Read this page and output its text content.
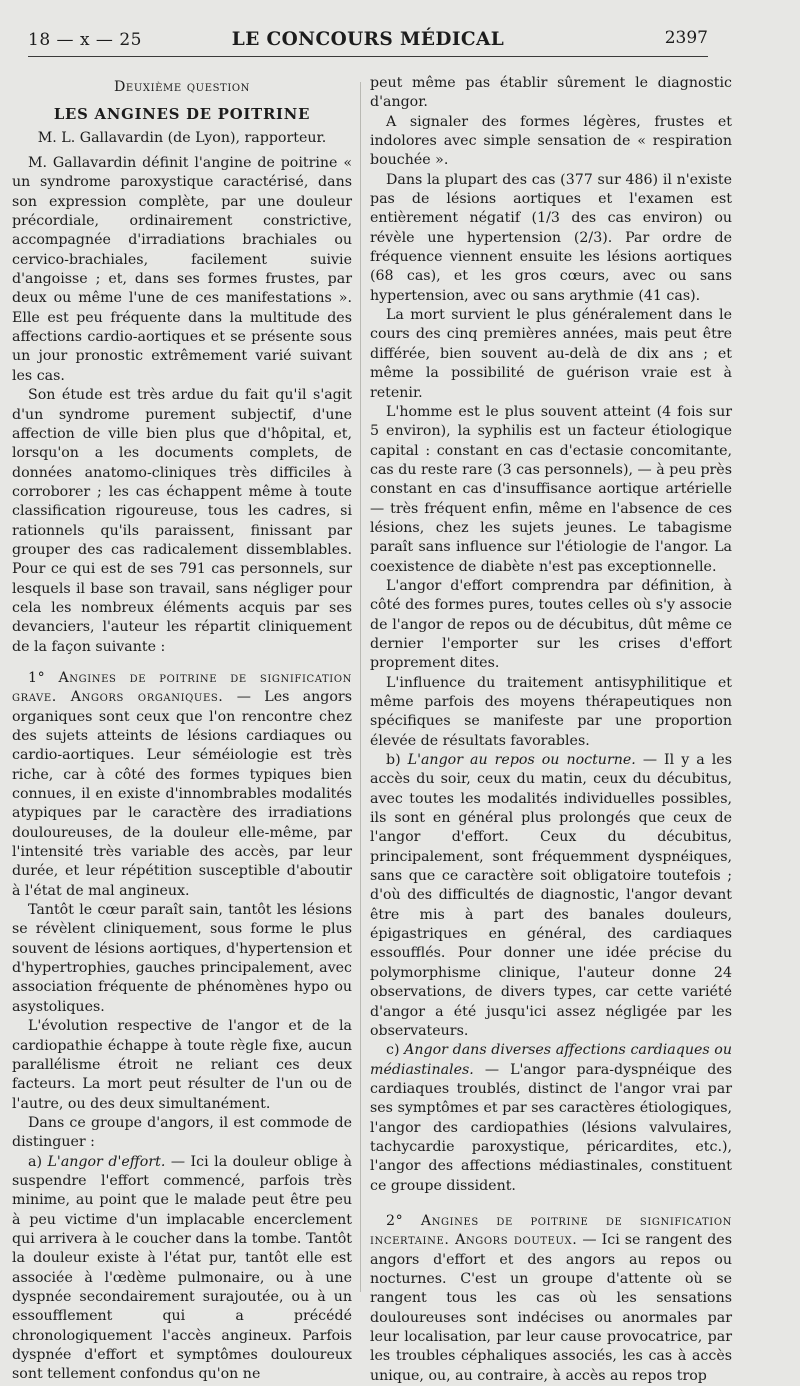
18 — x — 25	LE CONCOURS MÉDICAL	2397

Deuxième question

LES ANGINES DE POITRINE

M. L. Gallavardin (de Lyon), rapporteur.

M. Gallavardin définit l'angine de poitrine « un syndrome paroxystique caractérisé, dans son expression complète, par une douleur précordiale, ordinairement constrictive, accompagnée d'irradiations brachiales ou cervico-brachiales, facilement suivie d'angoisse ; et, dans ses formes frustes, par deux ou même l'une de ces manifestations ». Elle est peu fréquente dans la multitude des affections cardio-aortiques et se présente sous un jour pronostic extrêmement varié suivant les cas.

Son étude est très ardue du fait qu'il s'agit d'un syndrome purement subjectif, d'une affection de ville bien plus que d'hôpital, et, lorsqu'on a les documents complets, de données anatomo-cliniques très difficiles à corroborer ; les cas échappent même à toute classification rigoureuse, tous les cadres, si rationnels qu'ils paraissent, finissant par grouper des cas radicalement dissemblables. Pour ce qui est de ses 791 cas personnels, sur lesquels il base son travail, sans négliger pour cela les nombreux éléments acquis par ses devanciers, l'auteur les répartit cliniquement de la façon suivante :

1° Angines de poitrine de signification grave. Angors organiques. — Les angors organiques sont ceux que l'on rencontre chez des sujets atteints de lésions cardiaques ou cardio-aortiques. Leur séméiologie est très riche, car à côté des formes typiques bien connues, il en existe d'innombrables modalités atypiques par le caractère des irradiations douloureuses, de la douleur elle-même, par l'intensité très variable des accès, par leur durée, et leur répétition susceptible d'aboutir à l'état de mal angineux.

Tantôt le cœur paraît sain, tantôt les lésions se révèlent cliniquement, sous forme le plus souvent de lésions aortiques, d'hypertension et d'hypertrophies, gauches principalement, avec association fréquente de phénomènes hypo ou asystoliques.

L'évolution respective de l'angor et de la cardiopathie échappe à toute règle fixe, aucun parallélisme étroit ne reliant ces deux facteurs. La mort peut résulter de l'un ou de l'autre, ou des deux simultanément.

Dans ce groupe d'angors, il est commode de distinguer :

a) L'angor d'effort. — Ici la douleur oblige à suspendre l'effort commencé, parfois très minime, au point que le malade peut être peu à peu victime d'un implacable encerclement qui arrivera à le coucher dans la tombe. Tantôt la douleur existe à l'état pur, tantôt elle est associée à l'œdème pulmonaire, ou à une dyspnée secondairement surajoutée, ou à un essoufflement qui a précédé chronologiquement l'accès angineux. Parfois dyspnée d'effort et symptômes douloureux sont tellement confondus qu'on ne

peut même pas établir sûrement le diagnostic d'angor.

A signaler des formes légères, frustes et indolores avec simple sensation de « respiration bouchée ».

Dans la plupart des cas (377 sur 486) il n'existe pas de lésions aortiques et l'examen est entièrement négatif (1/3 des cas environ) ou révèle une hypertension (2/3). Par ordre de fréquence viennent ensuite les lésions aortiques (68 cas), et les gros cœurs, avec ou sans hypertension, avec ou sans arythmie (41 cas).

La mort survient le plus généralement dans le cours des cinq premières années, mais peut être différée, bien souvent au-delà de dix ans ; et même la possibilité de guérison vraie est à retenir.

L'homme est le plus souvent atteint (4 fois sur 5 environ), la syphilis est un facteur étiologique capital : constant en cas d'ectasie concomitante, cas du reste rare (3 cas personnels), — à peu près constant en cas d'insuffisance aortique artérielle — très fréquent enfin, même en l'absence de ces lésions, chez les sujets jeunes. Le tabagisme paraît sans influence sur l'étiologie de l'angor. La coexistence de diabète n'est pas exceptionnelle.

L'angor d'effort comprendra par définition, à côté des formes pures, toutes celles où s'y associe de l'angor de repos ou de décubitus, dût même ce dernier l'emporter sur les crises d'effort proprement dites.

L'influence du traitement antisyphilitique et même parfois des moyens thérapeutiques non spécifiques se manifeste par une proportion élevée de résultats favorables.

b) L'angor au repos ou nocturne. — Il y a les accès du soir, ceux du matin, ceux du décubitus, avec toutes les modalités individuelles possibles, ils sont en général plus prolongés que ceux de l'angor d'effort. Ceux du décubitus, principalement, sont fréquemment dyspnéiques, sans que ce caractère soit obligatoire toutefois ; d'où des difficultés de diagnostic, l'angor devant être mis à part des banales douleurs, épigastriques en général, des cardiaques essoufflés. Pour donner une idée précise du polymorphisme clinique, l'auteur donne 24 observations, de divers types, car cette variété d'angor a été jusqu'ici assez négligée par les observateurs.

c) Angor dans diverses affections cardiaques ou médiastinales. — L'angor para-dyspnéique des cardiaques troublés, distinct de l'angor vrai par ses symptômes et par ses caractères étiologiques, l'angor des cardiopathies (lésions valvulaires, tachycardie paroxystique, péricardites, etc.), l'angor des affections médiastinales, constituent ce groupe dissident.

2° Angines de poitrine de signification incertaine. Angors douteux. — Ici se rangent des angors d'effort et des angors au repos ou nocturnes. C'est un groupe d'attente où se rangent tous les cas où les sensations douloureuses sont indécises ou anormales par leur localisation, par leur cause provocatrice, par les troubles céphaliques associés, les cas à accès unique, ou, au contraire, à accès au repos trop
